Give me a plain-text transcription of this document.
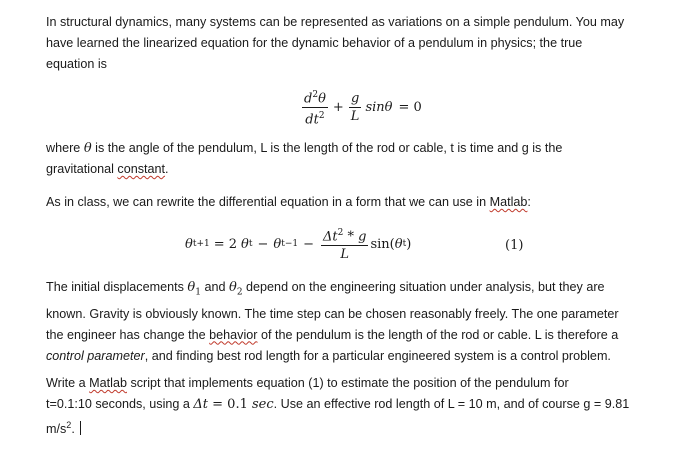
In structural dynamics, many systems can be represented as variations on a simple pendulum. You may
have learned the linearized equation for the dynamic behavior of a pendulum in physics; the true
equation is

$\frac{d^2\theta}{dt^2} + \frac{g}{L}$ sinθ = 0

where θ is the angle of the pendulum, L is the length of the rod or cable, t is time and g is the
gravitational constant.

As in class, we can rewrite the differential equation in a form that we can use in Matlab:

θ t+1 = 2 θ t − θ $t-1 - \frac{\Delta t^2 * g}{L} \sin$( θ t )	(1)

The initial displacements $\theta_1$ and $\theta_2$ depend on the engineering situation under analysis, but they are
known. Gravity is obviously known. The time step can be chosen reasonably freely. The one parameter
the engineer has change the behavior of the pendulum is the length of the rod or cable. L is therefore a
control parameter, and finding best rod length for a particular engineered system is a control problem.

Write a Matlab script that implements equation (1) to estimate the position of the pendulum for
t=0.1:10 seconds, using a Δt = 0.1 sec. Use an effective rod length of L = 10 m, and of course g = 9.81
$m/s^2$.
